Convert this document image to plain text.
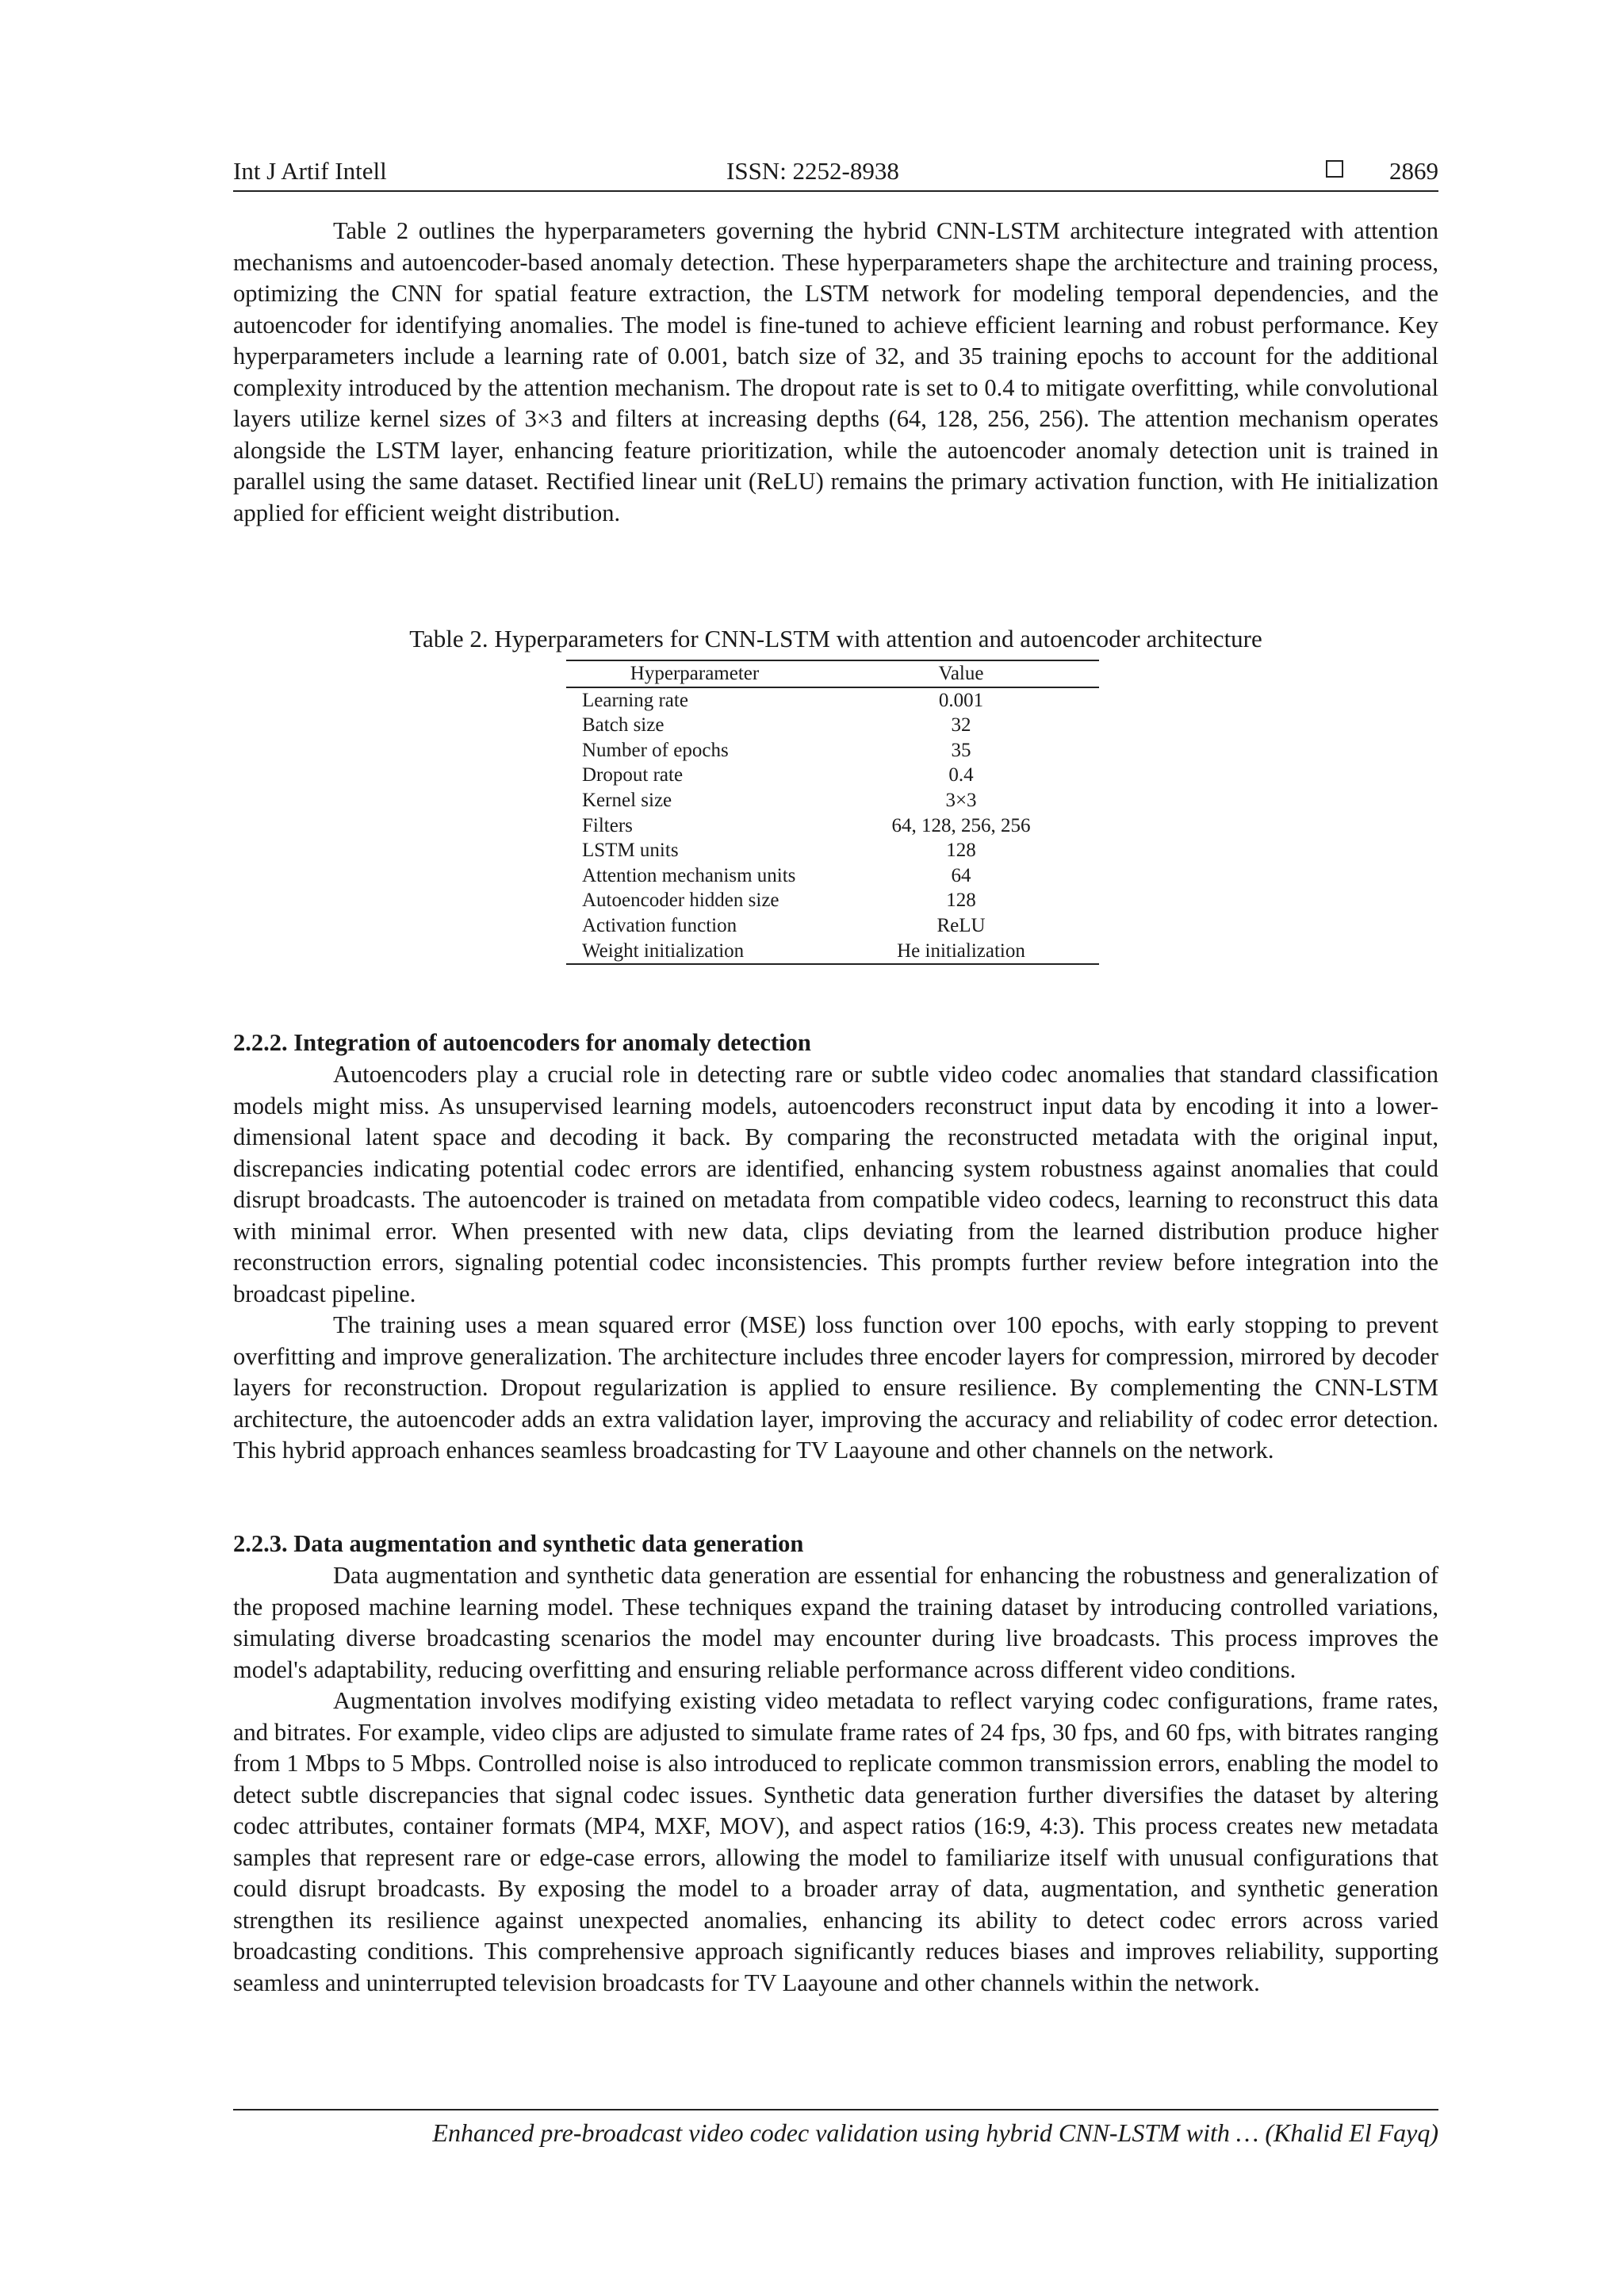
Int J Artif Intell	ISSN: 2252-8938	2869

Table 2 outlines the hyperparameters governing the hybrid CNN-LSTM architecture integrated with attention mechanisms and autoencoder-based anomaly detection. These hyperparameters shape the architecture and training process, optimizing the CNN for spatial feature extraction, the LSTM network for modeling temporal dependencies, and the autoencoder for identifying anomalies. The model is fine-tuned to achieve efficient learning and robust performance. Key hyperparameters include a learning rate of 0.001, batch size of 32, and 35 training epochs to account for the additional complexity introduced by the attention mechanism. The dropout rate is set to 0.4 to mitigate overfitting, while convolutional layers utilize kernel sizes of 3×3 and filters at increasing depths (64, 128, 256, 256). The attention mechanism operates alongside the LSTM layer, enhancing feature prioritization, while the autoencoder anomaly detection unit is trained in parallel using the same dataset. Rectified linear unit (ReLU) remains the primary activation function, with He initialization applied for efficient weight distribution.

Table 2. Hyperparameters for CNN-LSTM with attention and autoencoder architecture
Hyperparameter	Value
Learning rate	0.001
Batch size	32
Number of epochs	35
Dropout rate	0.4
Kernel size	3×3
Filters	64, 128, 256, 256
LSTM units	128
Attention mechanism units	64
Autoencoder hidden size	128
Activation function	ReLU
Weight initialization	He initialization
2.2.2. Integration of autoencoders for anomaly detection

Autoencoders play a crucial role in detecting rare or subtle video codec anomalies that standard classification models might miss. As unsupervised learning models, autoencoders reconstruct input data by encoding it into a lower-dimensional latent space and decoding it back. By comparing the reconstructed metadata with the original input, discrepancies indicating potential codec errors are identified, enhancing system robustness against anomalies that could disrupt broadcasts. The autoencoder is trained on metadata from compatible video codecs, learning to reconstruct this data with minimal error. When presented with new data, clips deviating from the learned distribution produce higher reconstruction errors, signaling potential codec inconsistencies. This prompts further review before integration into the broadcast pipeline.

The training uses a mean squared error (MSE) loss function over 100 epochs, with early stopping to prevent overfitting and improve generalization. The architecture includes three encoder layers for compression, mirrored by decoder layers for reconstruction. Dropout regularization is applied to ensure resilience. By complementing the CNN-LSTM architecture, the autoencoder adds an extra validation layer, improving the accuracy and reliability of codec error detection. This hybrid approach enhances seamless broadcasting for TV Laayoune and other channels on the network.

2.2.3. Data augmentation and synthetic data generation

Data augmentation and synthetic data generation are essential for enhancing the robustness and generalization of the proposed machine learning model. These techniques expand the training dataset by introducing controlled variations, simulating diverse broadcasting scenarios the model may encounter during live broadcasts. This process improves the model's adaptability, reducing overfitting and ensuring reliable performance across different video conditions.

Augmentation involves modifying existing video metadata to reflect varying codec configurations, frame rates, and bitrates. For example, video clips are adjusted to simulate frame rates of 24 fps, 30 fps, and 60 fps, with bitrates ranging from 1 Mbps to 5 Mbps. Controlled noise is also introduced to replicate common transmission errors, enabling the model to detect subtle discrepancies that signal codec issues. Synthetic data generation further diversifies the dataset by altering codec attributes, container formats (MP4, MXF, MOV), and aspect ratios (16:9, 4:3). This process creates new metadata samples that represent rare or edge-case errors, allowing the model to familiarize itself with unusual configurations that could disrupt broadcasts. By exposing the model to a broader array of data, augmentation, and synthetic generation strengthen its resilience against unexpected anomalies, enhancing its ability to detect codec errors across varied broadcasting conditions. This comprehensive approach significantly reduces biases and improves reliability, supporting seamless and uninterrupted television broadcasts for TV Laayoune and other channels within the network.

Enhanced pre-broadcast video codec validation using hybrid CNN-LSTM with … (Khalid El Fayq)
